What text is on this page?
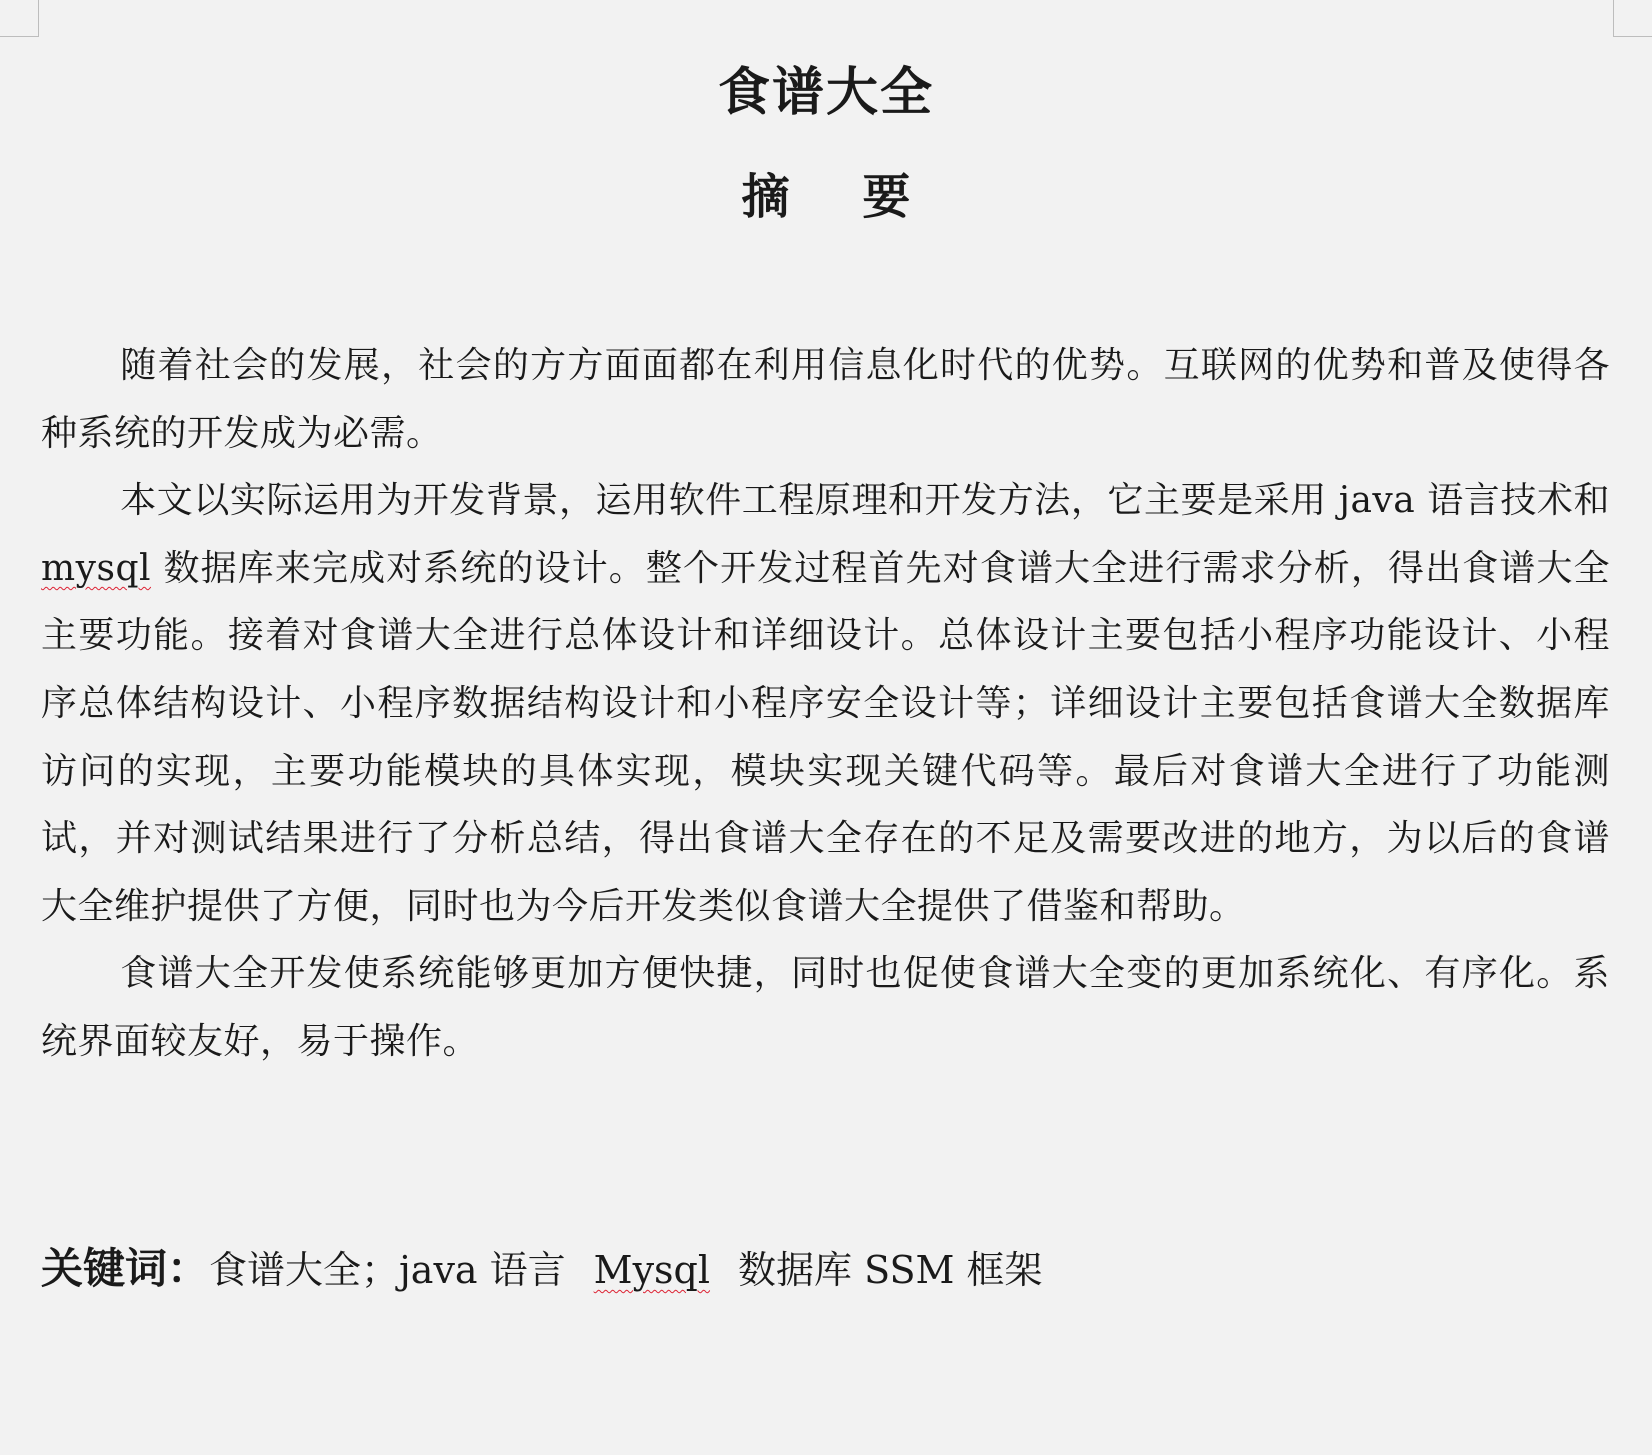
食谱大全
摘 要

随着社会的发展，社会的方方面面都在利用信息化时代的优势。互联网的优势和普及使得各种系统的开发成为必需。

本文以实际运用为开发背景，运用软件工程原理和开发方法，它主要是采用 java 语言技术和 mysql 数据库来完成对系统的设计。整个开发过程首先对食谱大全进行需求分析，得出食谱大全主要功能。接着对食谱大全进行总体设计和详细设计。总体设计主要包括小程序功能设计、小程序总体结构设计、小程序数据结构设计和小程序安全设计等；详细设计主要包括食谱大全数据库访问的实现，主要功能模块的具体实现，模块实现关键代码等。最后对食谱大全进行了功能测试，并对测试结果进行了分析总结，得出食谱大全存在的不足及需要改进的地方，为以后的食谱大全维护提供了方便，同时也为今后开发类似食谱大全提供了借鉴和帮助。

食谱大全开发使系统能够更加方便快捷，同时也促使食谱大全变的更加系统化、有序化。系统界面较友好，易于操作。

关键词：食谱大全；java 语言 Mysql 数据库 SSM 框架
